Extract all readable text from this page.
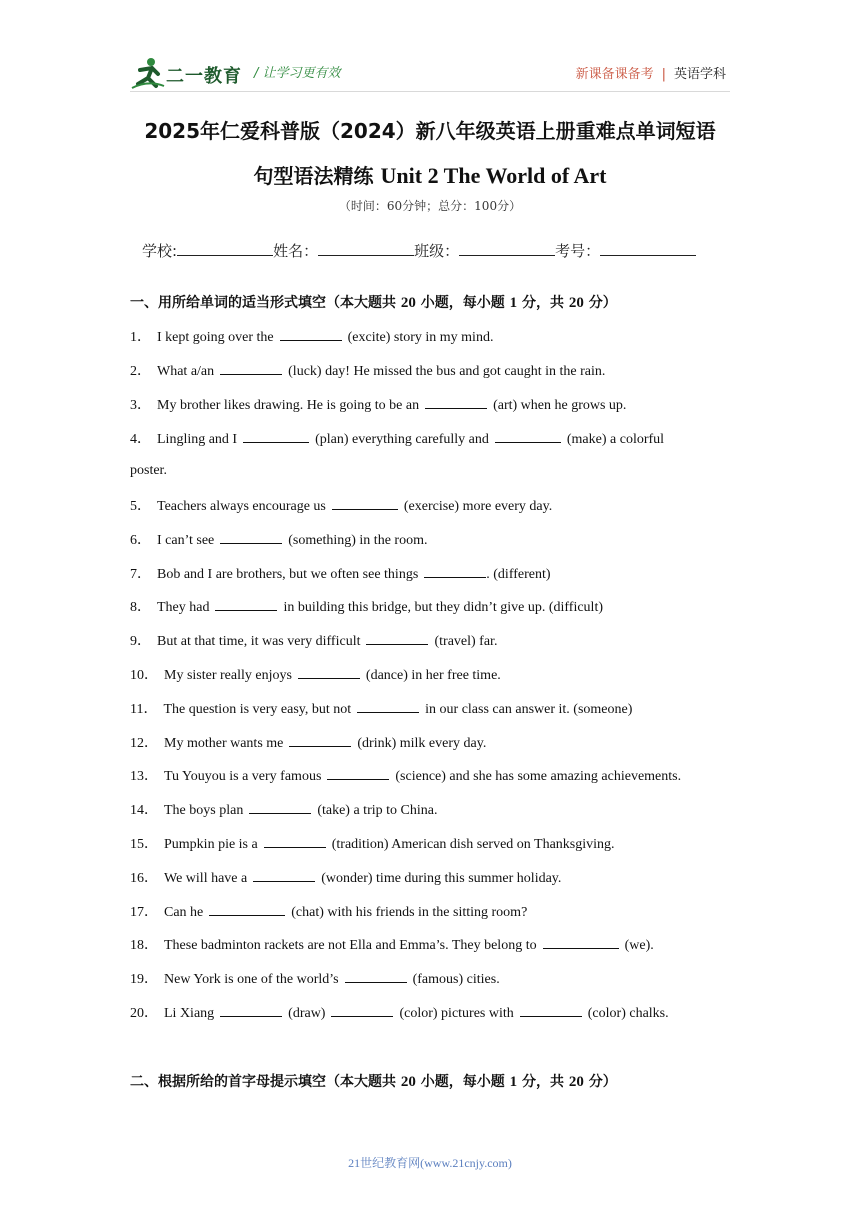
二一教育 / 让学习更有效	新课备课备考 | 英语学科
2025年仁爱科普版（2024）新八年级英语上册重难点单词短语
句型语法精练 Unit 2 The World of Art
（时间：60分钟；总分：100分）
学校:	姓名：	班级：	考号：
一、用所给单词的适当形式填空（本大题共 20 小题，每小题 1 分，共 20 分）
1． I kept going over the	(excite) story in my mind.
2． What a/an	(luck) day! He missed the bus and got caught in the rain.
3． My brother likes drawing. He is going to be an	(art) when he grows up.
4． Lingling and I	(plan) everything carefully and	(make) a colorful
poster.
5． Teachers always encourage us	(exercise) more every day.
6． I can’t see	(something) in the room.
7． Bob and I are brothers, but we often see things	. (different)
8． They had	in building this bridge, but they didn’t give up. (difficult)
9． But at that time, it was very difficult	(travel) far.
10． My sister really enjoys	(dance) in her free time.
11． The question is very easy, but not	in our class can answer it. (someone)
12． My mother wants me	(drink) milk every day.
13． Tu Youyou is a very famous	(science) and she has some amazing achievements.
14． The boys plan	(take) a trip to China.
15． Pumpkin pie is a	(tradition) American dish served on Thanksgiving.
16． We will have a	(wonder) time during this summer holiday.
17． Can he	(chat) with his friends in the sitting room?
18． These badminton rackets are not Ella and Emma’s. They belong to	(we).
19． New York is one of the world’s	(famous) cities.
20． Li Xiang	(draw)	(color) pictures with	(color) chalks.
二、根据所给的首字母提示填空（本大题共 20 小题，每小题 1 分，共 20 分）
21世纪教育网(www.21cnjy.com)
